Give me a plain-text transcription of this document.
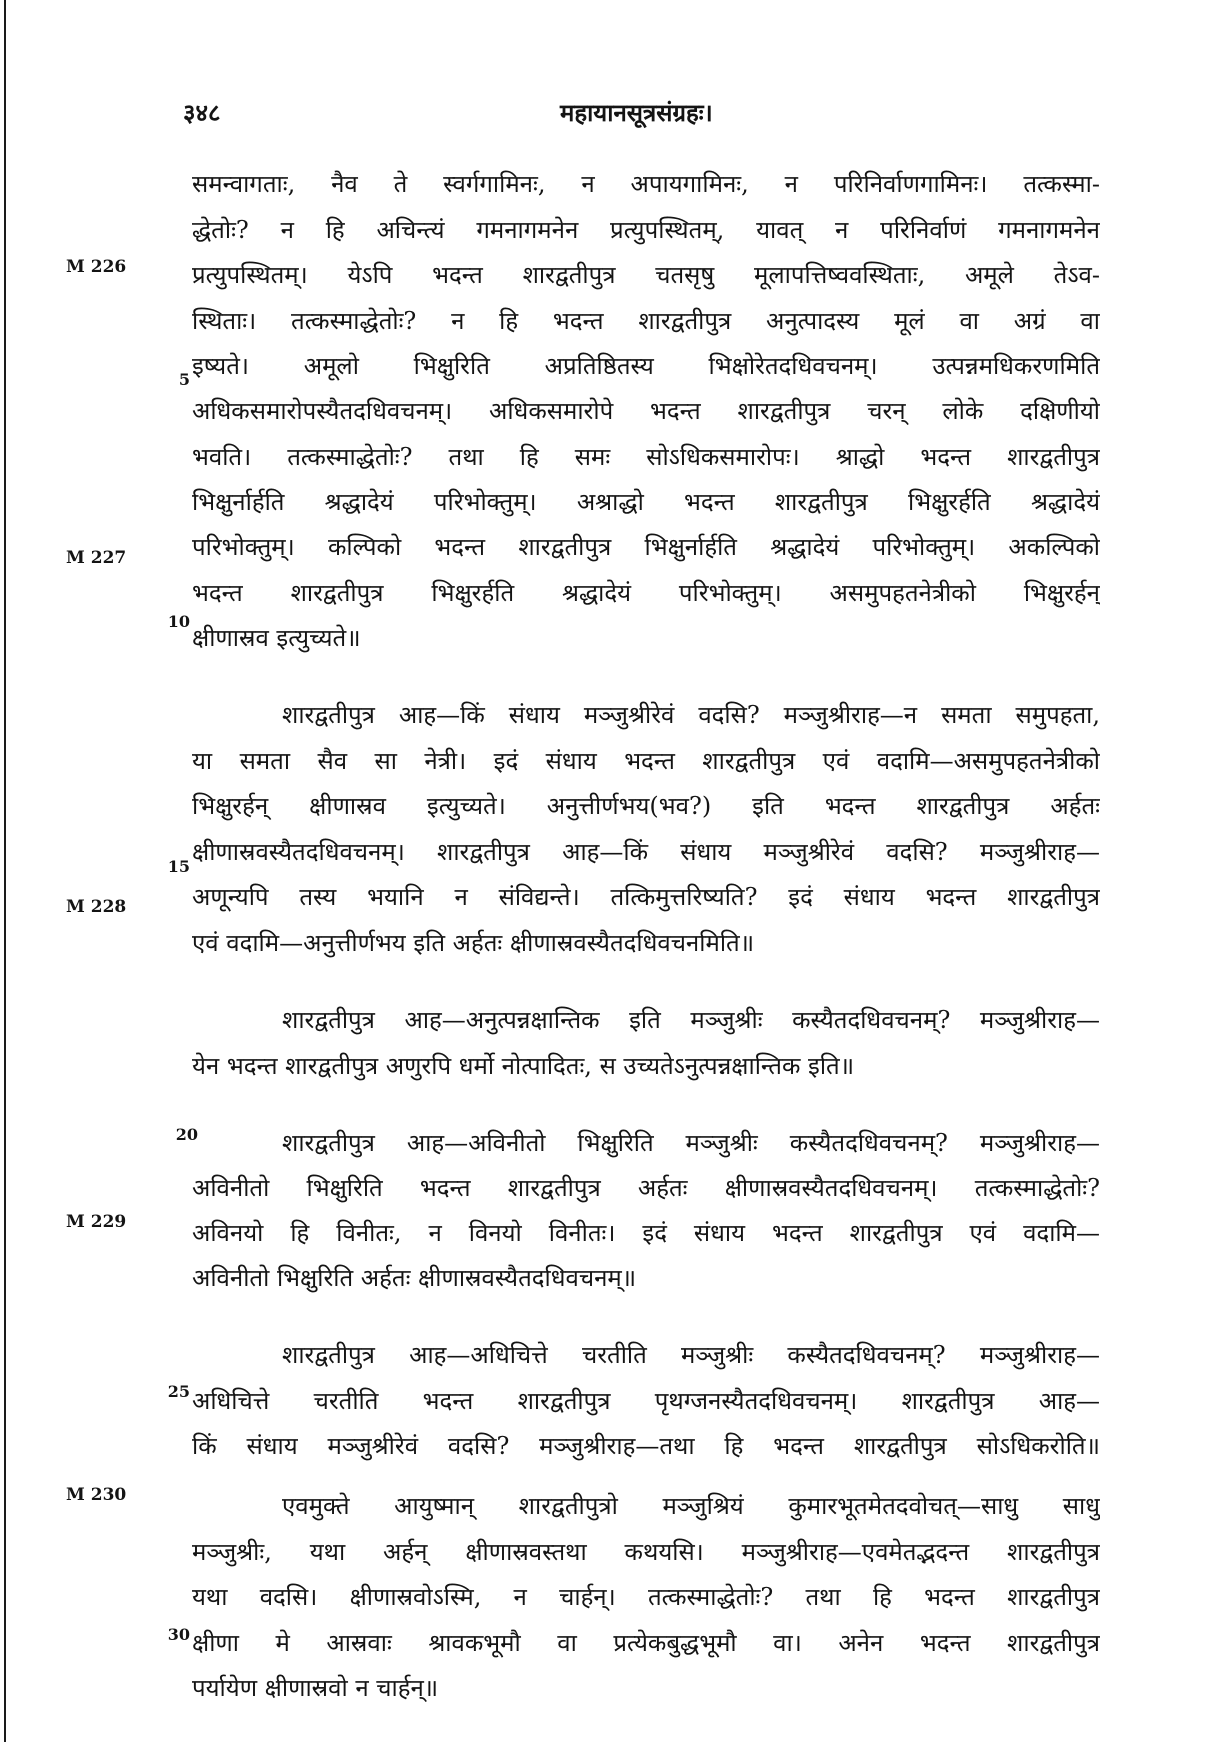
३४८	महायानसूत्रसंग्रहः।
M 226
M 227
M 228
M 229
M 230
5
10
15
20
25
30
समन्वागताः, नैव ते स्वर्गगामिनः, न अपायगामिनः, न परिनिर्वाणगामिनः। तत्कस्मा-
द्धेतोः? न हि अचिन्त्यं गमनागमनेन प्रत्युपस्थितम्, यावत् न परिनिर्वाणं गमनागमनेन
प्रत्युपस्थितम्। येऽपि भदन्त शारद्वतीपुत्र चतसृषु मूलापत्तिष्ववस्थिताः, अमूले तेऽव-
स्थिताः। तत्कस्माद्धेतोः? न हि भदन्त शारद्वतीपुत्र अनुत्पादस्य मूलं वा अग्रं वा
इष्यते। अमूलो भिक्षुरिति अप्रतिष्ठितस्य भिक्षोरेतदधिवचनम्। उत्पन्नमधिकरणमिति
अधिकसमारोपस्यैतदधिवचनम्। अधिकसमारोपे भदन्त शारद्वतीपुत्र चरन् लोके दक्षिणीयो
भवति। तत्कस्माद्धेतोः? तथा हि समः सोऽधिकसमारोपः। श्राद्धो भदन्त शारद्वतीपुत्र
भिक्षुर्नार्हति श्रद्धादेयं परिभोक्तुम्। अश्राद्धो भदन्त शारद्वतीपुत्र भिक्षुरर्हति श्रद्धादेयं
परिभोक्तुम्। कल्पिको भदन्त शारद्वतीपुत्र भिक्षुर्नार्हति श्रद्धादेयं परिभोक्तुम्। अकल्पिको
भदन्त शारद्वतीपुत्र भिक्षुरर्हति श्रद्धादेयं परिभोक्तुम्। असमुपहतनेत्रीको भिक्षुरर्हन्
क्षीणास्रव इत्युच्यते॥
शारद्वतीपुत्र आह—किं संधाय मञ्जुश्रीरेवं वदसि? मञ्जुश्रीराह—न समता समुपहता,
या समता सैव सा नेत्री। इदं संधाय भदन्त शारद्वतीपुत्र एवं वदामि—असमुपहतनेत्रीको
भिक्षुरर्हन् क्षीणास्रव इत्युच्यते। अनुत्तीर्णभय(भव?) इति भदन्त शारद्वतीपुत्र अर्हतः
क्षीणास्रवस्यैतदधिवचनम्। शारद्वतीपुत्र आह—किं संधाय मञ्जुश्रीरेवं वदसि? मञ्जुश्रीराह—
अणून्यपि तस्य भयानि न संविद्यन्ते। तत्किमुत्तरिष्यति? इदं संधाय भदन्त शारद्वतीपुत्र
एवं वदामि—अनुत्तीर्णभय इति अर्हतः क्षीणास्रवस्यैतदधिवचनमिति॥
शारद्वतीपुत्र आह—अनुत्पन्नक्षान्तिक इति मञ्जुश्रीः कस्यैतदधिवचनम्? मञ्जुश्रीराह—
येन भदन्त शारद्वतीपुत्र अणुरपि धर्मो नोत्पादितः, स उच्यतेऽनुत्पन्नक्षान्तिक इति॥
शारद्वतीपुत्र आह—अविनीतो भिक्षुरिति मञ्जुश्रीः कस्यैतदधिवचनम्? मञ्जुश्रीराह—
अविनीतो भिक्षुरिति भदन्त शारद्वतीपुत्र अर्हतः क्षीणास्रवस्यैतदधिवचनम्। तत्कस्माद्धेतोः?
अविनयो हि विनीतः, न विनयो विनीतः। इदं संधाय भदन्त शारद्वतीपुत्र एवं वदामि—
अविनीतो भिक्षुरिति अर्हतः क्षीणास्रवस्यैतदधिवचनम्॥
शारद्वतीपुत्र आह—अधिचित्ते चरतीति मञ्जुश्रीः कस्यैतदधिवचनम्? मञ्जुश्रीराह—
अधिचित्ते चरतीति भदन्त शारद्वतीपुत्र पृथग्जनस्यैतदधिवचनम्। शारद्वतीपुत्र आह—
किं संधाय मञ्जुश्रीरेवं वदसि? मञ्जुश्रीराह—तथा हि भदन्त शारद्वतीपुत्र सोऽधिकरोति॥
एवमुक्ते आयुष्मान् शारद्वतीपुत्रो मञ्जुश्रियं कुमारभूतमेतदवोचत्—साधु साधु
मञ्जुश्रीः, यथा अर्हन् क्षीणास्रवस्तथा कथयसि। मञ्जुश्रीराह—एवमेतद्भदन्त शारद्वतीपुत्र
यथा वदसि। क्षीणास्रवोऽस्मि, न चार्हन्। तत्कस्माद्धेतोः? तथा हि भदन्त शारद्वतीपुत्र
क्षीणा मे आस्रवाः श्रावकभूमौ वा प्रत्येकबुद्धभूमौ वा। अनेन भदन्त शारद्वतीपुत्र
पर्यायेण क्षीणास्रवो न चार्हन्॥
